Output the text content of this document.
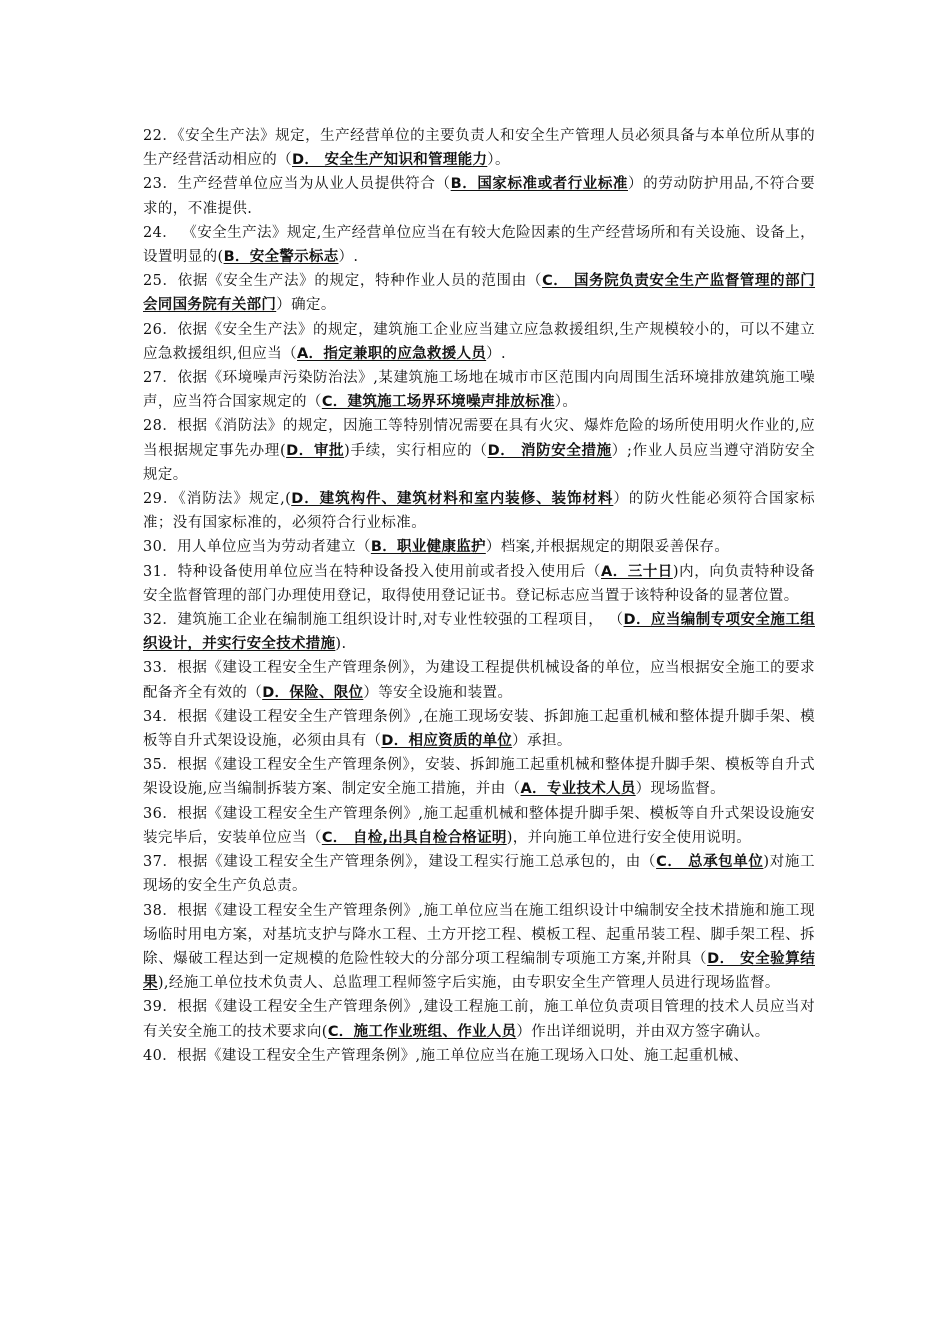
22．《安全生产法》规定，生产经营单位的主要负责人和安全生产管理人员必须具备与本单位所从事的生产经营活动相应的（D． 安全生产知识和管理能力）。

23．生产经营单位应当为从业人员提供符合（B．国家标准或者行业标准）的劳动防护用品,不符合要求的，不准提供.

24． 《安全生产法》规定,生产经营单位应当在有较大危险因素的生产经营场所和有关设施、设备上，设置明显的(B．安全警示标志）.

25．依据《安全生产法》的规定，特种作业人员的范围由（C． 国务院负责安全生产监督管理的部门会同国务院有关部门）确定。

26．依据《安全生产法》的规定，建筑施工企业应当建立应急救援组织,生产规模较小的，可以不建立应急救援组织,但应当（A．指定兼职的应急救援人员）.

27．依据《环境噪声污染防治法》,某建筑施工场地在城市市区范围内向周围生活环境排放建筑施工噪声，应当符合国家规定的（C．建筑施工场界环境噪声排放标准）。

28．根据《消防法》的规定，因施工等特别情况需要在具有火灾、爆炸危险的场所使用明火作业的,应当根据规定事先办理(D．审批)手续，实行相应的（D． 消防安全措施）;作业人员应当遵守消防安全规定。

29．《消防法》规定,(D．建筑构件、建筑材料和室内装修、装饰材料）的防火性能必须符合国家标准；没有国家标准的，必须符合行业标准。

30．用人单位应当为劳动者建立（B．职业健康监护）档案,并根据规定的期限妥善保存。

31．特种设备使用单位应当在特种设备投入使用前或者投入使用后（A．三十日)内，向负责特种设备安全监督管理的部门办理使用登记，取得使用登记证书。登记标志应当置于该特种设备的显著位置。

32．建筑施工企业在编制施工组织设计时,对专业性较强的工程项目， （D．应当编制专项安全施工组织设计，并实行安全技术措施).

33．根据《建设工程安全生产管理条例》，为建设工程提供机械设备的单位，应当根据安全施工的要求配备齐全有效的（D．保险、限位）等安全设施和装置。

34．根据《建设工程安全生产管理条例》,在施工现场安装、拆卸施工起重机械和整体提升脚手架、模板等自升式架设设施，必须由具有（D．相应资质的单位）承担。

35．根据《建设工程安全生产管理条例》，安装、拆卸施工起重机械和整体提升脚手架、模板等自升式架设设施,应当编制拆装方案、制定安全施工措施，并由（A．专业技术人员）现场监督。

36．根据《建设工程安全生产管理条例》,施工起重机械和整体提升脚手架、模板等自升式架设设施安装完毕后，安装单位应当（C． 自检,出具自检合格证明)，并向施工单位进行安全使用说明。

37．根据《建设工程安全生产管理条例》，建设工程实行施工总承包的，由（C． 总承包单位)对施工现场的安全生产负总责。

38．根据《建设工程安全生产管理条例》,施工单位应当在施工组织设计中编制安全技术措施和施工现场临时用电方案，对基坑支护与降水工程、土方开挖工程、模板工程、起重吊装工程、脚手架工程、拆除、爆破工程达到一定规模的危险性较大的分部分项工程编制专项施工方案,并附具（D． 安全验算结果),经施工单位技术负责人、总监理工程师签字后实施，由专职安全生产管理人员进行现场监督。

39．根据《建设工程安全生产管理条例》,建设工程施工前，施工单位负责项目管理的技术人员应当对有关安全施工的技术要求向(C．施工作业班组、作业人员）作出详细说明，并由双方签字确认。

40．根据《建设工程安全生产管理条例》,施工单位应当在施工现场入口处、施工起重机械、
